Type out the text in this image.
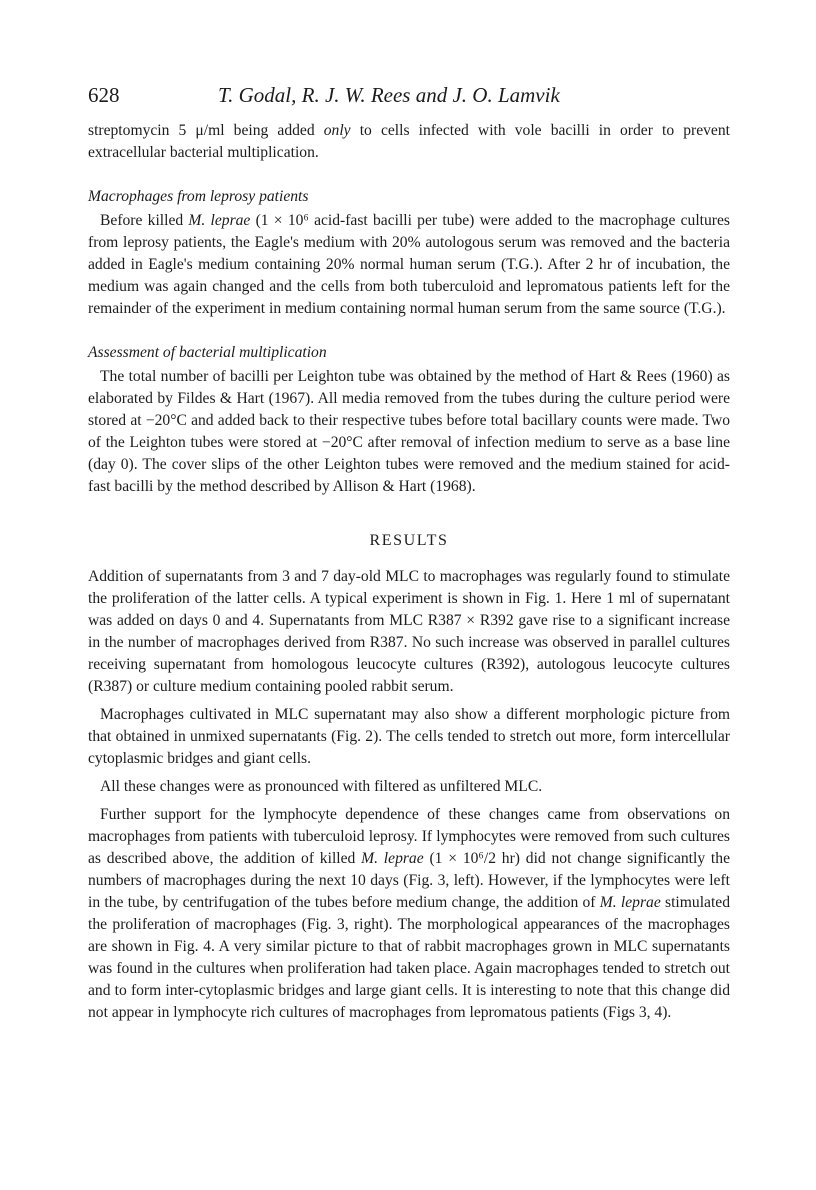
628	T. Godal, R. J. W. Rees and J. O. Lamvik

streptomycin 5 μ/ml being added only to cells infected with vole bacilli in order to prevent extracellular bacterial multiplication.

Macrophages from leprosy patients

Before killed M. leprae (1 × 10⁶ acid-fast bacilli per tube) were added to the macrophage cultures from leprosy patients, the Eagle's medium with 20% autologous serum was removed and the bacteria added in Eagle's medium containing 20% normal human serum (T.G.). After 2 hr of incubation, the medium was again changed and the cells from both tuberculoid and lepromatous patients left for the remainder of the experiment in medium containing normal human serum from the same source (T.G.).

Assessment of bacterial multiplication

The total number of bacilli per Leighton tube was obtained by the method of Hart & Rees (1960) as elaborated by Fildes & Hart (1967). All media removed from the tubes during the culture period were stored at −20°C and added back to their respective tubes before total bacillary counts were made. Two of the Leighton tubes were stored at −20°C after removal of infection medium to serve as a base line (day 0). The cover slips of the other Leighton tubes were removed and the medium stained for acid-fast bacilli by the method described by Allison & Hart (1968).

RESULTS

Addition of supernatants from 3 and 7 day-old MLC to macrophages was regularly found to stimulate the proliferation of the latter cells. A typical experiment is shown in Fig. 1. Here 1 ml of supernatant was added on days 0 and 4. Supernatants from MLC R387 × R392 gave rise to a significant increase in the number of macrophages derived from R387. No such increase was observed in parallel cultures receiving supernatant from homologous leucocyte cultures (R392), autologous leucocyte cultures (R387) or culture medium containing pooled rabbit serum.

Macrophages cultivated in MLC supernatant may also show a different morphologic picture from that obtained in unmixed supernatants (Fig. 2). The cells tended to stretch out more, form intercellular cytoplasmic bridges and giant cells.

All these changes were as pronounced with filtered as unfiltered MLC.

Further support for the lymphocyte dependence of these changes came from observations on macrophages from patients with tuberculoid leprosy. If lymphocytes were removed from such cultures as described above, the addition of killed M. leprae (1 × 10⁶/2 hr) did not change significantly the numbers of macrophages during the next 10 days (Fig. 3, left). However, if the lymphocytes were left in the tube, by centrifugation of the tubes before medium change, the addition of M. leprae stimulated the proliferation of macrophages (Fig. 3, right). The morphological appearances of the macrophages are shown in Fig. 4. A very similar picture to that of rabbit macrophages grown in MLC supernatants was found in the cultures when proliferation had taken place. Again macrophages tended to stretch out and to form inter-cytoplasmic bridges and large giant cells. It is interesting to note that this change did not appear in lymphocyte rich cultures of macrophages from lepromatous patients (Figs 3, 4).
